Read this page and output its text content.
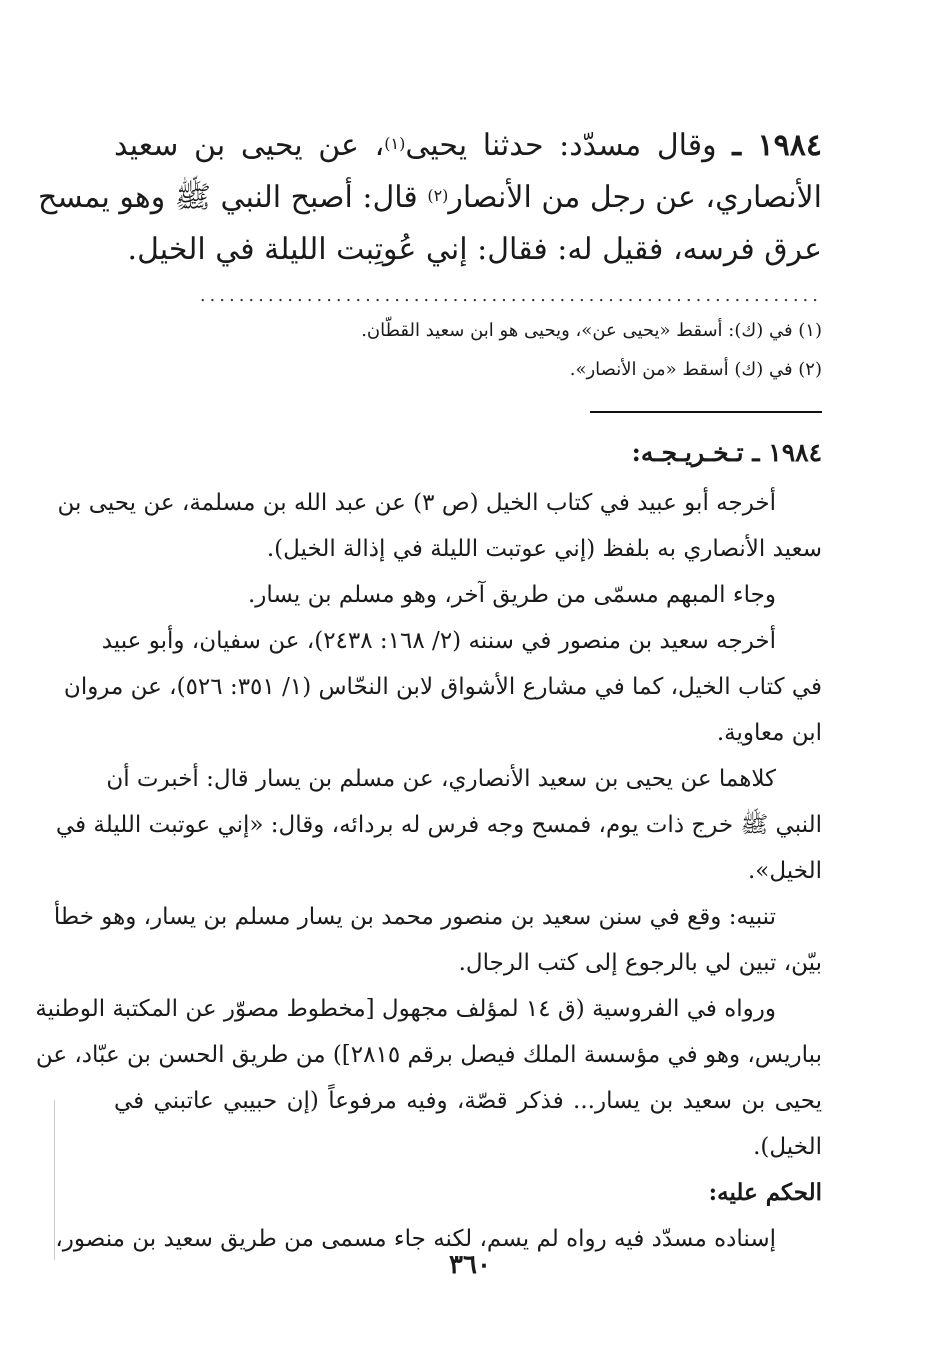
١٩٨٤ ـ وقال مسدّد: حدثنا يحيى$^{(١)}$، عن يحيى بن سعيد
الأنصاري، عن رجل من الأنصار$^{(٢)}$ قال: أصبح النبي ﷺ وهو يمسح
عرق فرسه، فقيل له: فقال: إني عُوتِبت الليلة في الخيل.
................................................................
(١) في (ك): أسقط «يحيى عن»، ويحيى هو ابن سعيد القطّان.
(٢) في (ك) أسقط «من الأنصار».
١٩٨٤ ـ تـخـريـجـه:
أخرجه أبو عبيد في كتاب الخيل (ص ٣) عن عبد الله بن مسلمة، عن يحيى بن
سعيد الأنصاري به بلفظ (إني عوتبت الليلة في إذالة الخيل).
وجاء المبهم مسمّى من طريق آخر، وهو مسلم بن يسار.
أخرجه سعيد بن منصور في سننه (٢/ ١٦٨: ٢٤٣٨)، عن سفيان، وأبو عبيد
في كتاب الخيل، كما في مشارع الأشواق لابن النحّاس (١/ ٣٥١: ٥٢٦)، عن مروان
ابن معاوية.
كلاهما عن يحيى بن سعيد الأنصاري، عن مسلم بن يسار قال: أخبرت أن
النبي ﷺ خرج ذات يوم، فمسح وجه فرس له بردائه، وقال: «إني عوتبت الليلة في
الخيل».
تنبيه: وقع في سنن سعيد بن منصور محمد بن يسار مسلم بن يسار، وهو خطأ
بيّن، تبين لي بالرجوع إلى كتب الرجال.
ورواه في الفروسية (ق ١٤ لمؤلف مجهول [مخطوط مصوّر عن المكتبة الوطنية
بباريس، وهو في مؤسسة الملك فيصل برقم ٢٨١٥]) من طريق الحسن بن عبّاد، عن
يحيى بن سعيد بن يسار... فذكر قصّة، وفيه مرفوعاً (إن حبيبي عاتبني في
الخيل).
الحكم عليه:
إسناده مسدّد فيه رواه لم يسم، لكنه جاء مسمى من طريق سعيد بن منصور،
٣٦٠
